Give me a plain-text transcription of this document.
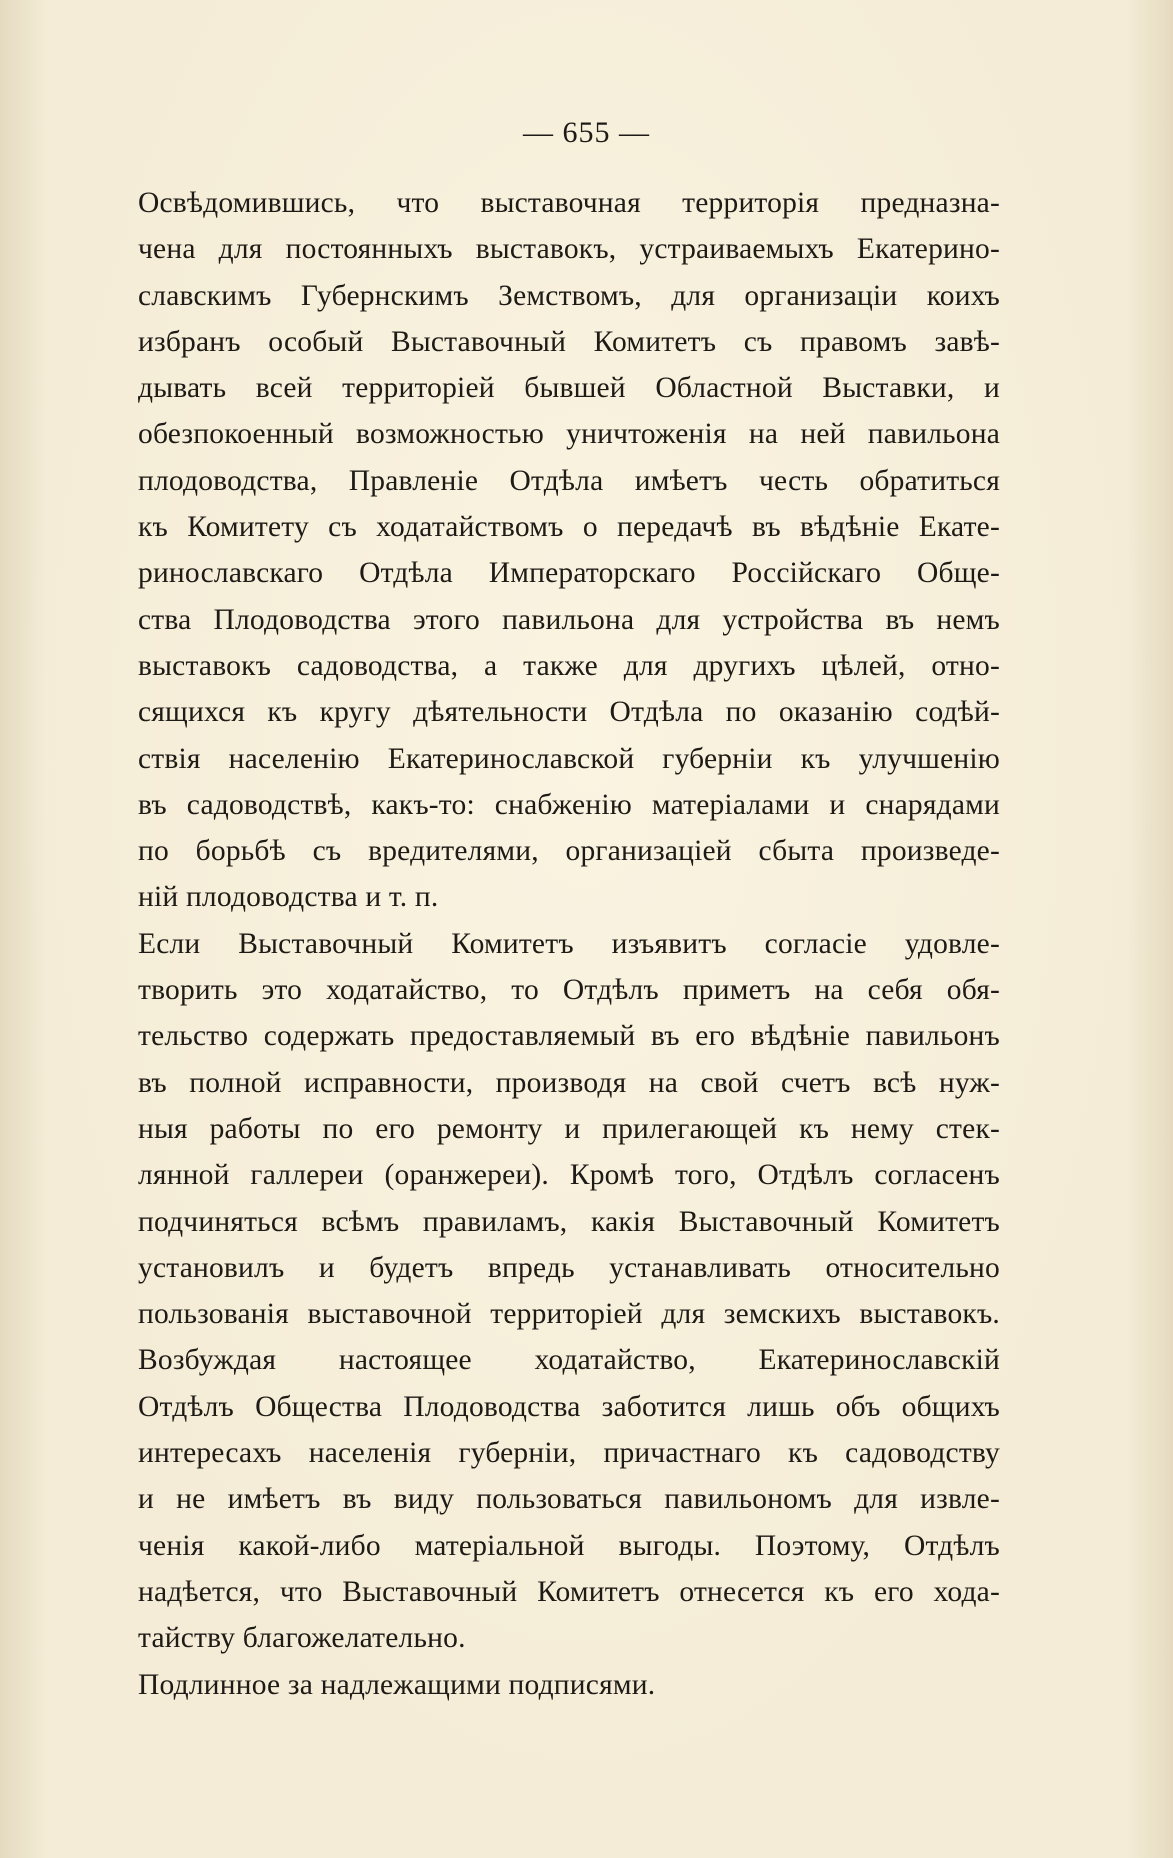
— 655 —
Освѣдомившись, что выставочная территорія предназна-
чена для постоянныхъ выставокъ, устраиваемыхъ Екатерино-
славскимъ Губернскимъ Земствомъ, для организаціи коихъ
избранъ особый Выставочный Комитетъ съ правомъ завѣ-
дывать всей территоріей бывшей Областной Выставки, и
обезпокоенный возможностью уничтоженія на ней павильона
плодоводства, Правленіе Отдѣла имѣетъ честь обратиться
къ Комитету съ ходатайствомъ о передачѣ въ вѣдѣніе Екате-
ринославскаго Отдѣла Императорскаго Россійскаго Обще-
ства Плодоводства этого павильона для устройства въ немъ
выставокъ садоводства, а также для другихъ цѣлей, отно-
сящихся къ кругу дѣятельности Отдѣла по оказанію содѣй-
ствія населенію Екатеринославской губерніи къ улучшенію
въ садоводствѣ, какъ-то: снабженію матеріалами и снарядами
по борьбѣ съ вредителями, организаціей сбыта произведе-
ній плодоводства и т. п.
Если Выставочный Комитетъ изъявитъ согласіе удовле-
творить это ходатайство, то Отдѣлъ приметъ на себя обя-
тельство содержать предоставляемый въ его вѣдѣніе павильонъ
въ полной исправности, производя на свой счетъ всѣ нуж-
ныя работы по его ремонту и прилегающей къ нему стек-
лянной галлереи (оранжереи). Кромѣ того, Отдѣлъ согласенъ
подчиняться всѣмъ правиламъ, какія Выставочный Комитетъ
установилъ и будетъ впредь устанавливать относительно
пользованія выставочной территоріей для земскихъ выставокъ.
Возбуждая настоящее ходатайство, Екатеринославскій
Отдѣлъ Общества Плодоводства заботится лишь объ общихъ
интересахъ населенія губерніи, причастнаго къ садоводству
и не имѣетъ въ виду пользоваться павильономъ для извле-
ченія какой-либо матеріальной выгоды. Поэтому, Отдѣлъ
надѣется, что Выставочный Комитетъ отнесется къ его хода-
тайству благожелательно.
Подлинное за надлежащими подписями.
